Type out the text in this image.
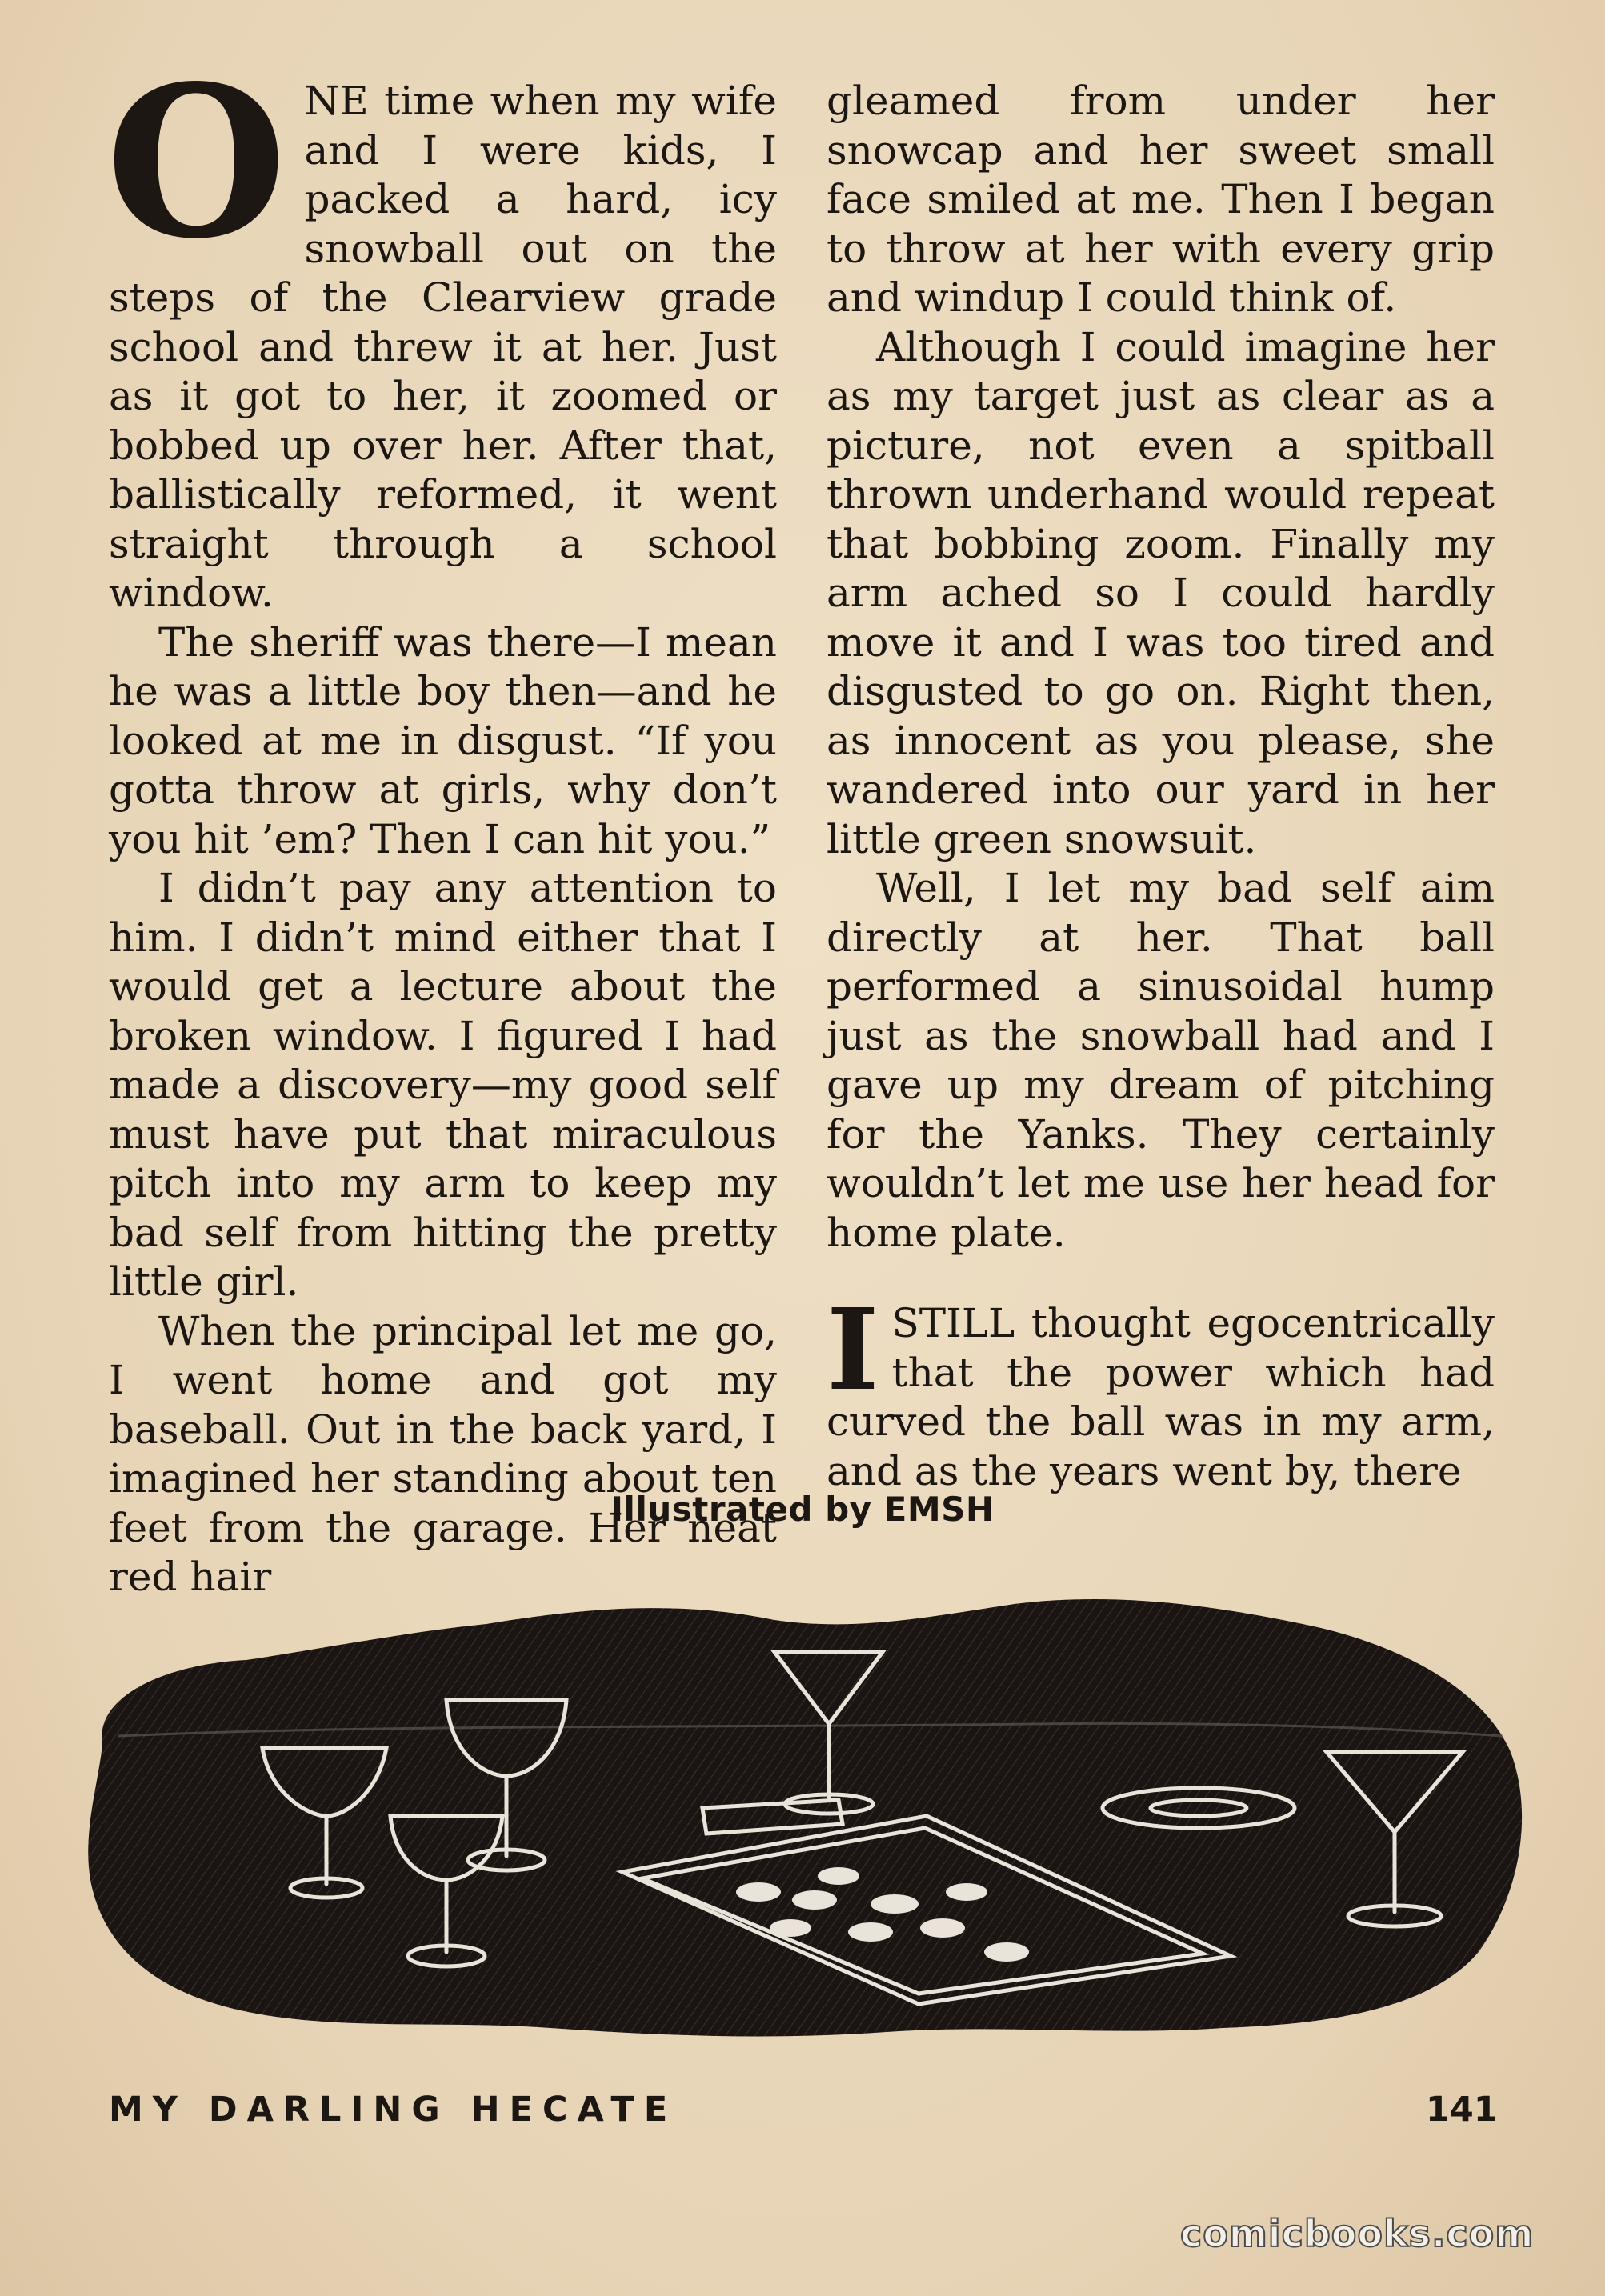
ONE time when my wife and I were kids, I packed a hard, icy snowball out on the steps of the Clearview grade school and threw it at her. Just as it got to her, it zoomed or bobbed up over her. After that, ballistically reformed, it went straight through a school window.

The sheriff was there—I mean he was a little boy then—and he looked at me in disgust. “If you gotta throw at girls, why don’t you hit ’em? Then I can hit you.”

I didn’t pay any attention to him. I didn’t mind either that I would get a lecture about the broken window. I figured I had made a discovery—my good self must have put that miraculous pitch into my arm to keep my bad self from hitting the pretty little girl.

When the principal let me go, I went home and got my baseball. Out in the back yard, I imagined her standing about ten feet from the garage. Her neat red hair

gleamed from under her snowcap and her sweet small face smiled at me. Then I began to throw at her with every grip and windup I could think of.

Although I could imagine her as my target just as clear as a picture, not even a spitball thrown underhand would repeat that bobbing zoom. Finally my arm ached so I could hardly move it and I was too tired and disgusted to go on. Right then, as innocent as you please, she wandered into our yard in her little green snowsuit.

Well, I let my bad self aim directly at her. That ball performed a sinusoidal hump just as the snowball had and I gave up my dream of pitching for the Yanks. They certainly wouldn’t let me use her head for home plate.

ISTILL thought egocentrically that the power which had curved the ball was in my arm, and as the years went by, there

Illustrated by EMSH
MY DARLING HECATE	141
comicbooks.com
